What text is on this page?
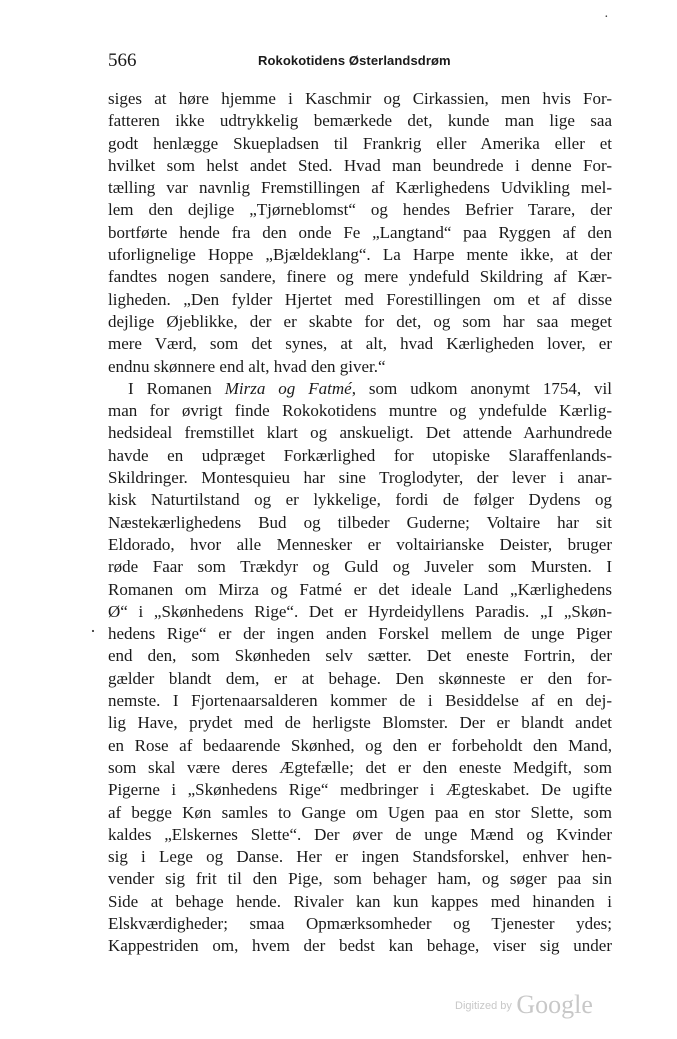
·
566	Rokokotidens Østerlandsdrøm
siges at høre hjemme i Kaschmir og Cirkassien, men hvis For-
fatteren ikke udtrykkelig bemærkede det, kunde man lige saa
godt henlægge Skuepladsen til Frankrig eller Amerika eller et
hvilket som helst andet Sted. Hvad man beundrede i denne For-
tælling var navnlig Fremstillingen af Kærlighedens Udvikling mel-
lem den dejlige „Tjørneblomst“ og hendes Befrier Tarare, der
bortførte hende fra den onde Fe „Langtand“ paa Ryggen af den
uforlignelige Hoppe „Bjældeklang“. La Harpe mente ikke, at der
fandtes nogen sandere, finere og mere yndefuld Skildring af Kær-
ligheden. „Den fylder Hjertet med Forestillingen om et af disse
dejlige Øjeblikke, der er skabte for det, og som har saa meget
mere Værd, som det synes, at alt, hvad Kærligheden lover, er
endnu skønnere end alt, hvad den giver.“
I Romanen Mirza og Fatmé, som udkom anonymt 1754, vil
man for øvrigt finde Rokokotidens muntre og yndefulde Kærlig-
hedsideal fremstillet klart og anskueligt. Det attende Aarhundrede
havde en udpræget Forkærlighed for utopiske Slaraffenlands-
Skildringer. Montesquieu har sine Troglodyter, der lever i anar-
kisk Naturtilstand og er lykkelige, fordi de følger Dydens og
Næstekærlighedens Bud og tilbeder Guderne; Voltaire har sit
Eldorado, hvor alle Mennesker er voltairianske Deister, bruger
røde Faar som Trækdyr og Guld og Juveler som Mursten. I
Romanen om Mirza og Fatmé er det ideale Land „Kærlighedens
Ø“ i „Skønhedens Rige“. Det er Hyrdeidyllens Paradis. „I „Skøn-
hedens Rige“ er der ingen anden Forskel mellem de unge Piger
end den, som Skønheden selv sætter. Det eneste Fortrin, der
gælder blandt dem, er at behage. Den skønneste er den for-
nemste. I Fjortenaarsalderen kommer de i Besiddelse af en dej-
lig Have, prydet med de herligste Blomster. Der er blandt andet
en Rose af bedaarende Skønhed, og den er forbeholdt den Mand,
som skal være deres Ægtefælle; det er den eneste Medgift, som
Pigerne i „Skønhedens Rige“ medbringer i Ægteskabet. De ugifte
af begge Køn samles to Gange om Ugen paa en stor Slette, som
kaldes „Elskernes Slette“. Der øver de unge Mænd og Kvinder
sig i Lege og Danse. Her er ingen Standsforskel, enhver hen-
vender sig frit til den Pige, som behager ham, og søger paa sin
Side at behage hende. Rivaler kan kun kappes med hinanden i
Elskværdigheder; smaa Opmærksomheder og Tjenester ydes;
Kappestriden om, hvem der bedst kan behage, viser sig under
·
$^{Digitized by}$ Google
